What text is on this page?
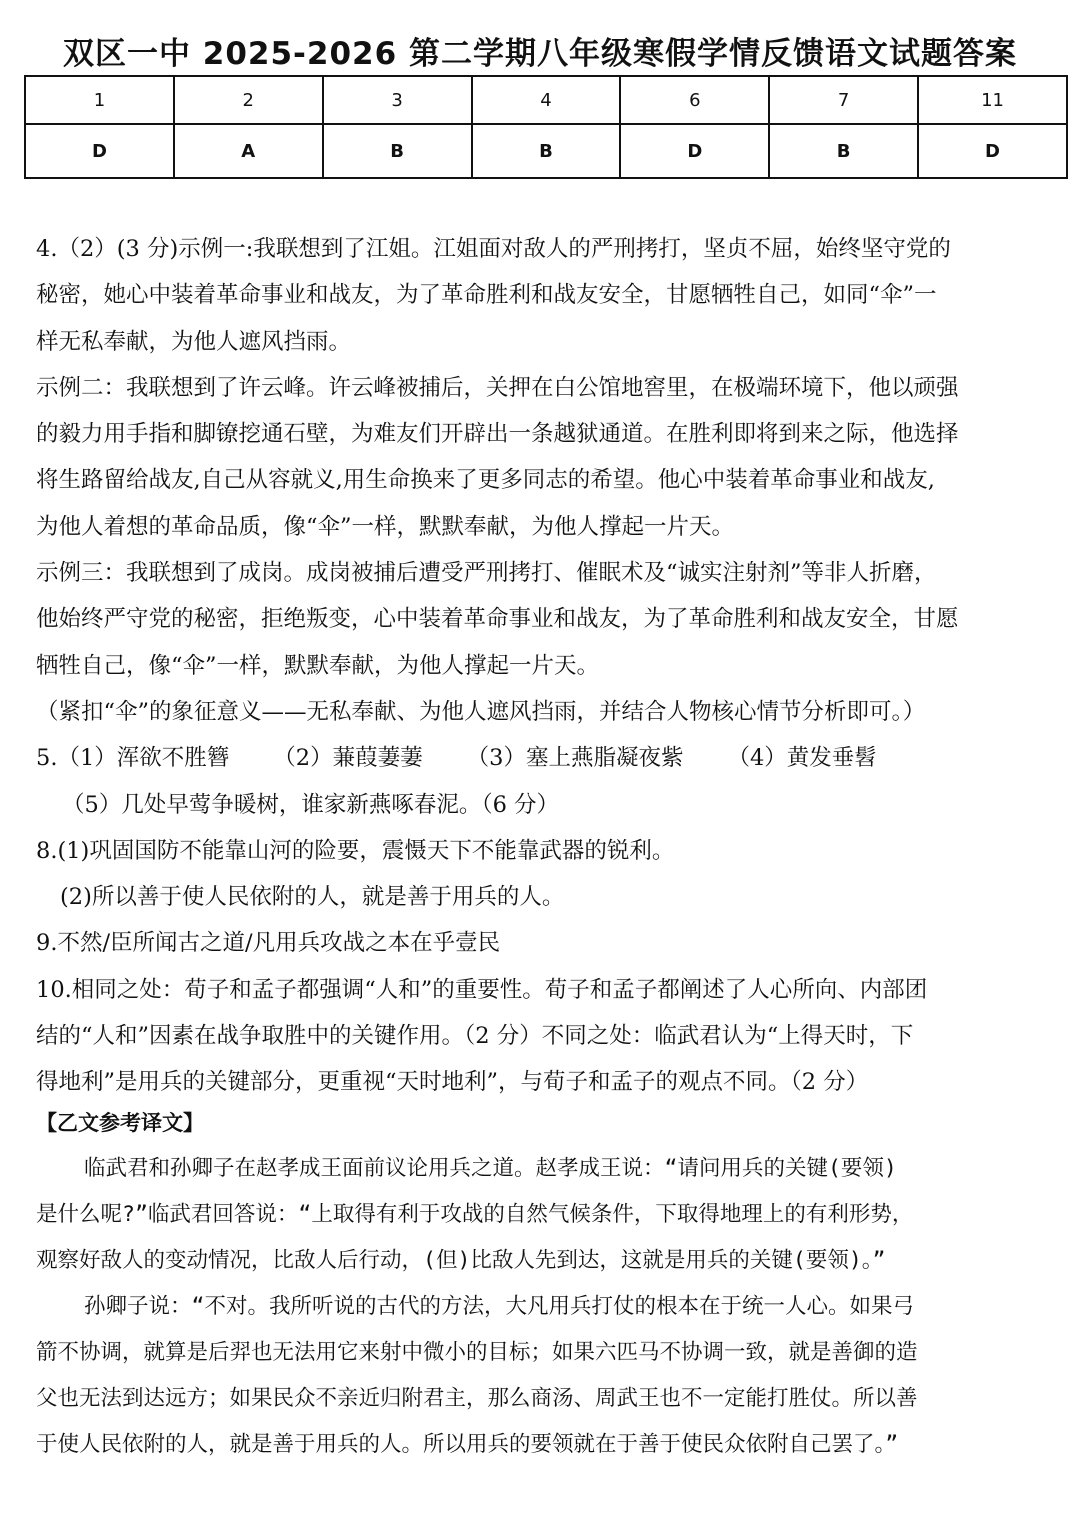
双区一中 2025-2026 第二学期八年级寒假学情反馈语文试题答案
1	2	3	4	6	7	11
D	A	B	B	D	B	D

4.（2）(3 分)示例一:我联想到了江姐。江姐面对敌人的严刑拷打，坚贞不屈，始终坚守党的

秘密，她心中装着革命事业和战友，为了革命胜利和战友安全，甘愿牺牲自己，如同“伞”一

样无私奉献，为他人遮风挡雨。

示例二：我联想到了许云峰。许云峰被捕后，关押在白公馆地窖里，在极端环境下，他以顽强

的毅力用手指和脚镣挖通石壁，为难友们开辟出一条越狱通道。在胜利即将到来之际，他选择

将生路留给战友,自己从容就义,用生命换来了更多同志的希望。他心中装着革命事业和战友,

为他人着想的革命品质，像“伞”一样，默默奉献，为他人撑起一片天。

示例三：我联想到了成岗。成岗被捕后遭受严刑拷打、催眠术及“诚实注射剂”等非人折磨，

他始终严守党的秘密，拒绝叛变，心中装着革命事业和战友，为了革命胜利和战友安全，甘愿

牺牲自己，像“伞”一样，默默奉献，为他人撑起一片天。

（紧扣“伞”的象征意义——无私奉献、为他人遮风挡雨，并结合人物核心情节分析即可。）

5.（1）浑欲不胜簪 （2）蒹葭萋萋 （3）塞上燕脂凝夜紫 （4）黄发垂髫

（5）几处早莺争暖树，谁家新燕啄春泥。（6 分）

8.(1)巩固国防不能靠山河的险要，震慑天下不能靠武器的锐利。

(2)所以善于使人民依附的人，就是善于用兵的人。

9.不然/臣所闻古之道/凡用兵攻战之本在乎壹民

10.相同之处：荀子和孟子都强调“人和”的重要性。荀子和孟子都阐述了人心所向、内部团

结的“人和”因素在战争取胜中的关键作用。（2 分）不同之处：临武君认为“上得天时，下

得地利”是用兵的关键部分，更重视“天时地利”，与荀子和孟子的观点不同。（2 分）

【乙文参考译文】

临武君和孙卿子在赵孝成王面前议论用兵之道。赵孝成王说：“请问用兵的关键(要领)

是什么呢?”临武君回答说：“上取得有利于攻战的自然气候条件，下取得地理上的有利形势，

观察好敌人的变动情况，比敌人后行动，(但)比敌人先到达，这就是用兵的关键(要领)。”

孙卿子说：“不对。我所听说的古代的方法，大凡用兵打仗的根本在于统一人心。如果弓

箭不协调，就算是后羿也无法用它来射中微小的目标；如果六匹马不协调一致，就是善御的造

父也无法到达远方；如果民众不亲近归附君主，那么商汤、周武王也不一定能打胜仗。所以善

于使人民依附的人，就是善于用兵的人。所以用兵的要领就在于善于使民众依附自己罢了。”
